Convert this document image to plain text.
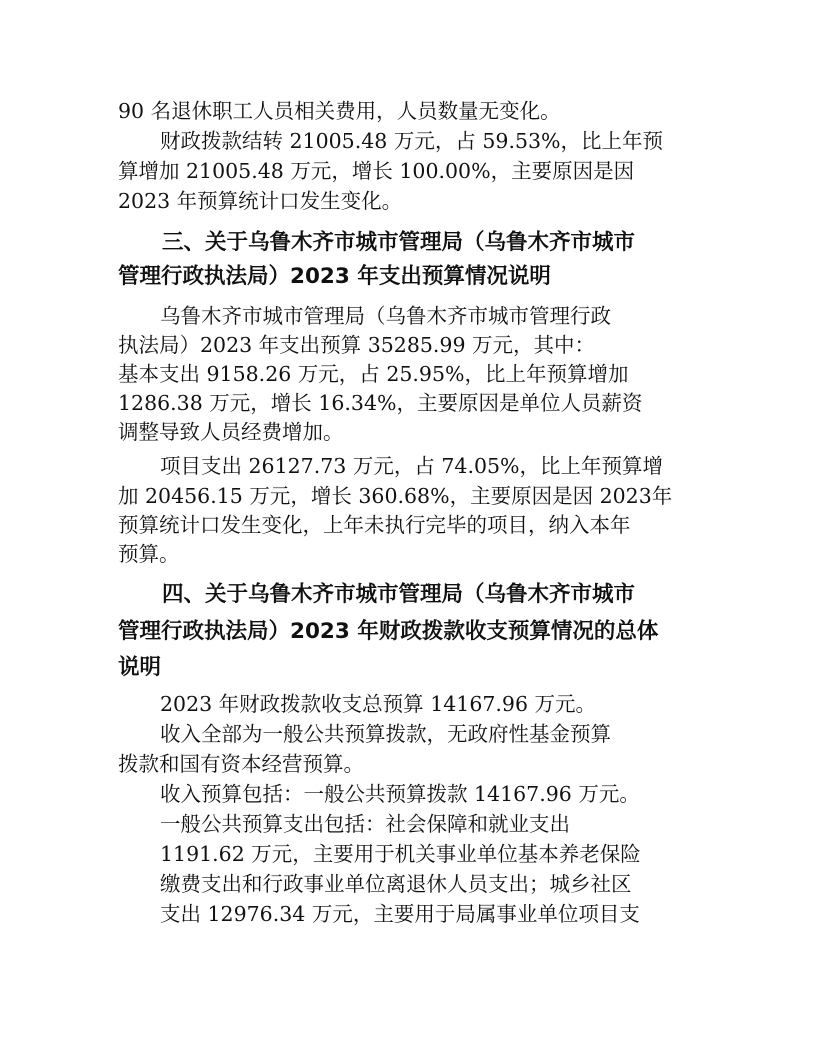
90 名退休职工人员相关费用，人员数量无变化。
财政拨款结转 21005.48 万元，占 59.53%，比上年预
算增加 21005.48 万元，增长 100.00%，主要原因是因
2023 年预算统计口发生变化。
三、关于乌鲁木齐市城市管理局（乌鲁木齐市城市
管理行政执法局）2023 年支出预算情况说明
乌鲁木齐市城市管理局（乌鲁木齐市城市管理行政
执法局）2023 年支出预算 35285.99 万元，其中：
基本支出 9158.26 万元，占 25.95%，比上年预算增加
1286.38 万元，增长 16.34%，主要原因是单位人员薪资
调整导致人员经费增加。
项目支出 26127.73 万元，占 74.05%，比上年预算增
加 20456.15 万元，增长 360.68%，主要原因是因 2023年
预算统计口发生变化，上年未执行完毕的项目，纳入本年
预算。
四、关于乌鲁木齐市城市管理局（乌鲁木齐市城市
管理行政执法局）2023 年财政拨款收支预算情况的总体
说明
2023 年财政拨款收支总预算 14167.96 万元。
收入全部为一般公共预算拨款，无政府性基金预算
拨款和国有资本经营预算。
收入预算包括：一般公共预算拨款 14167.96 万元。
一般公共预算支出包括：社会保障和就业支出
1191.62 万元，主要用于机关事业单位基本养老保险
缴费支出和行政事业单位离退休人员支出；城乡社区
支出 12976.34 万元，主要用于局属事业单位项目支
